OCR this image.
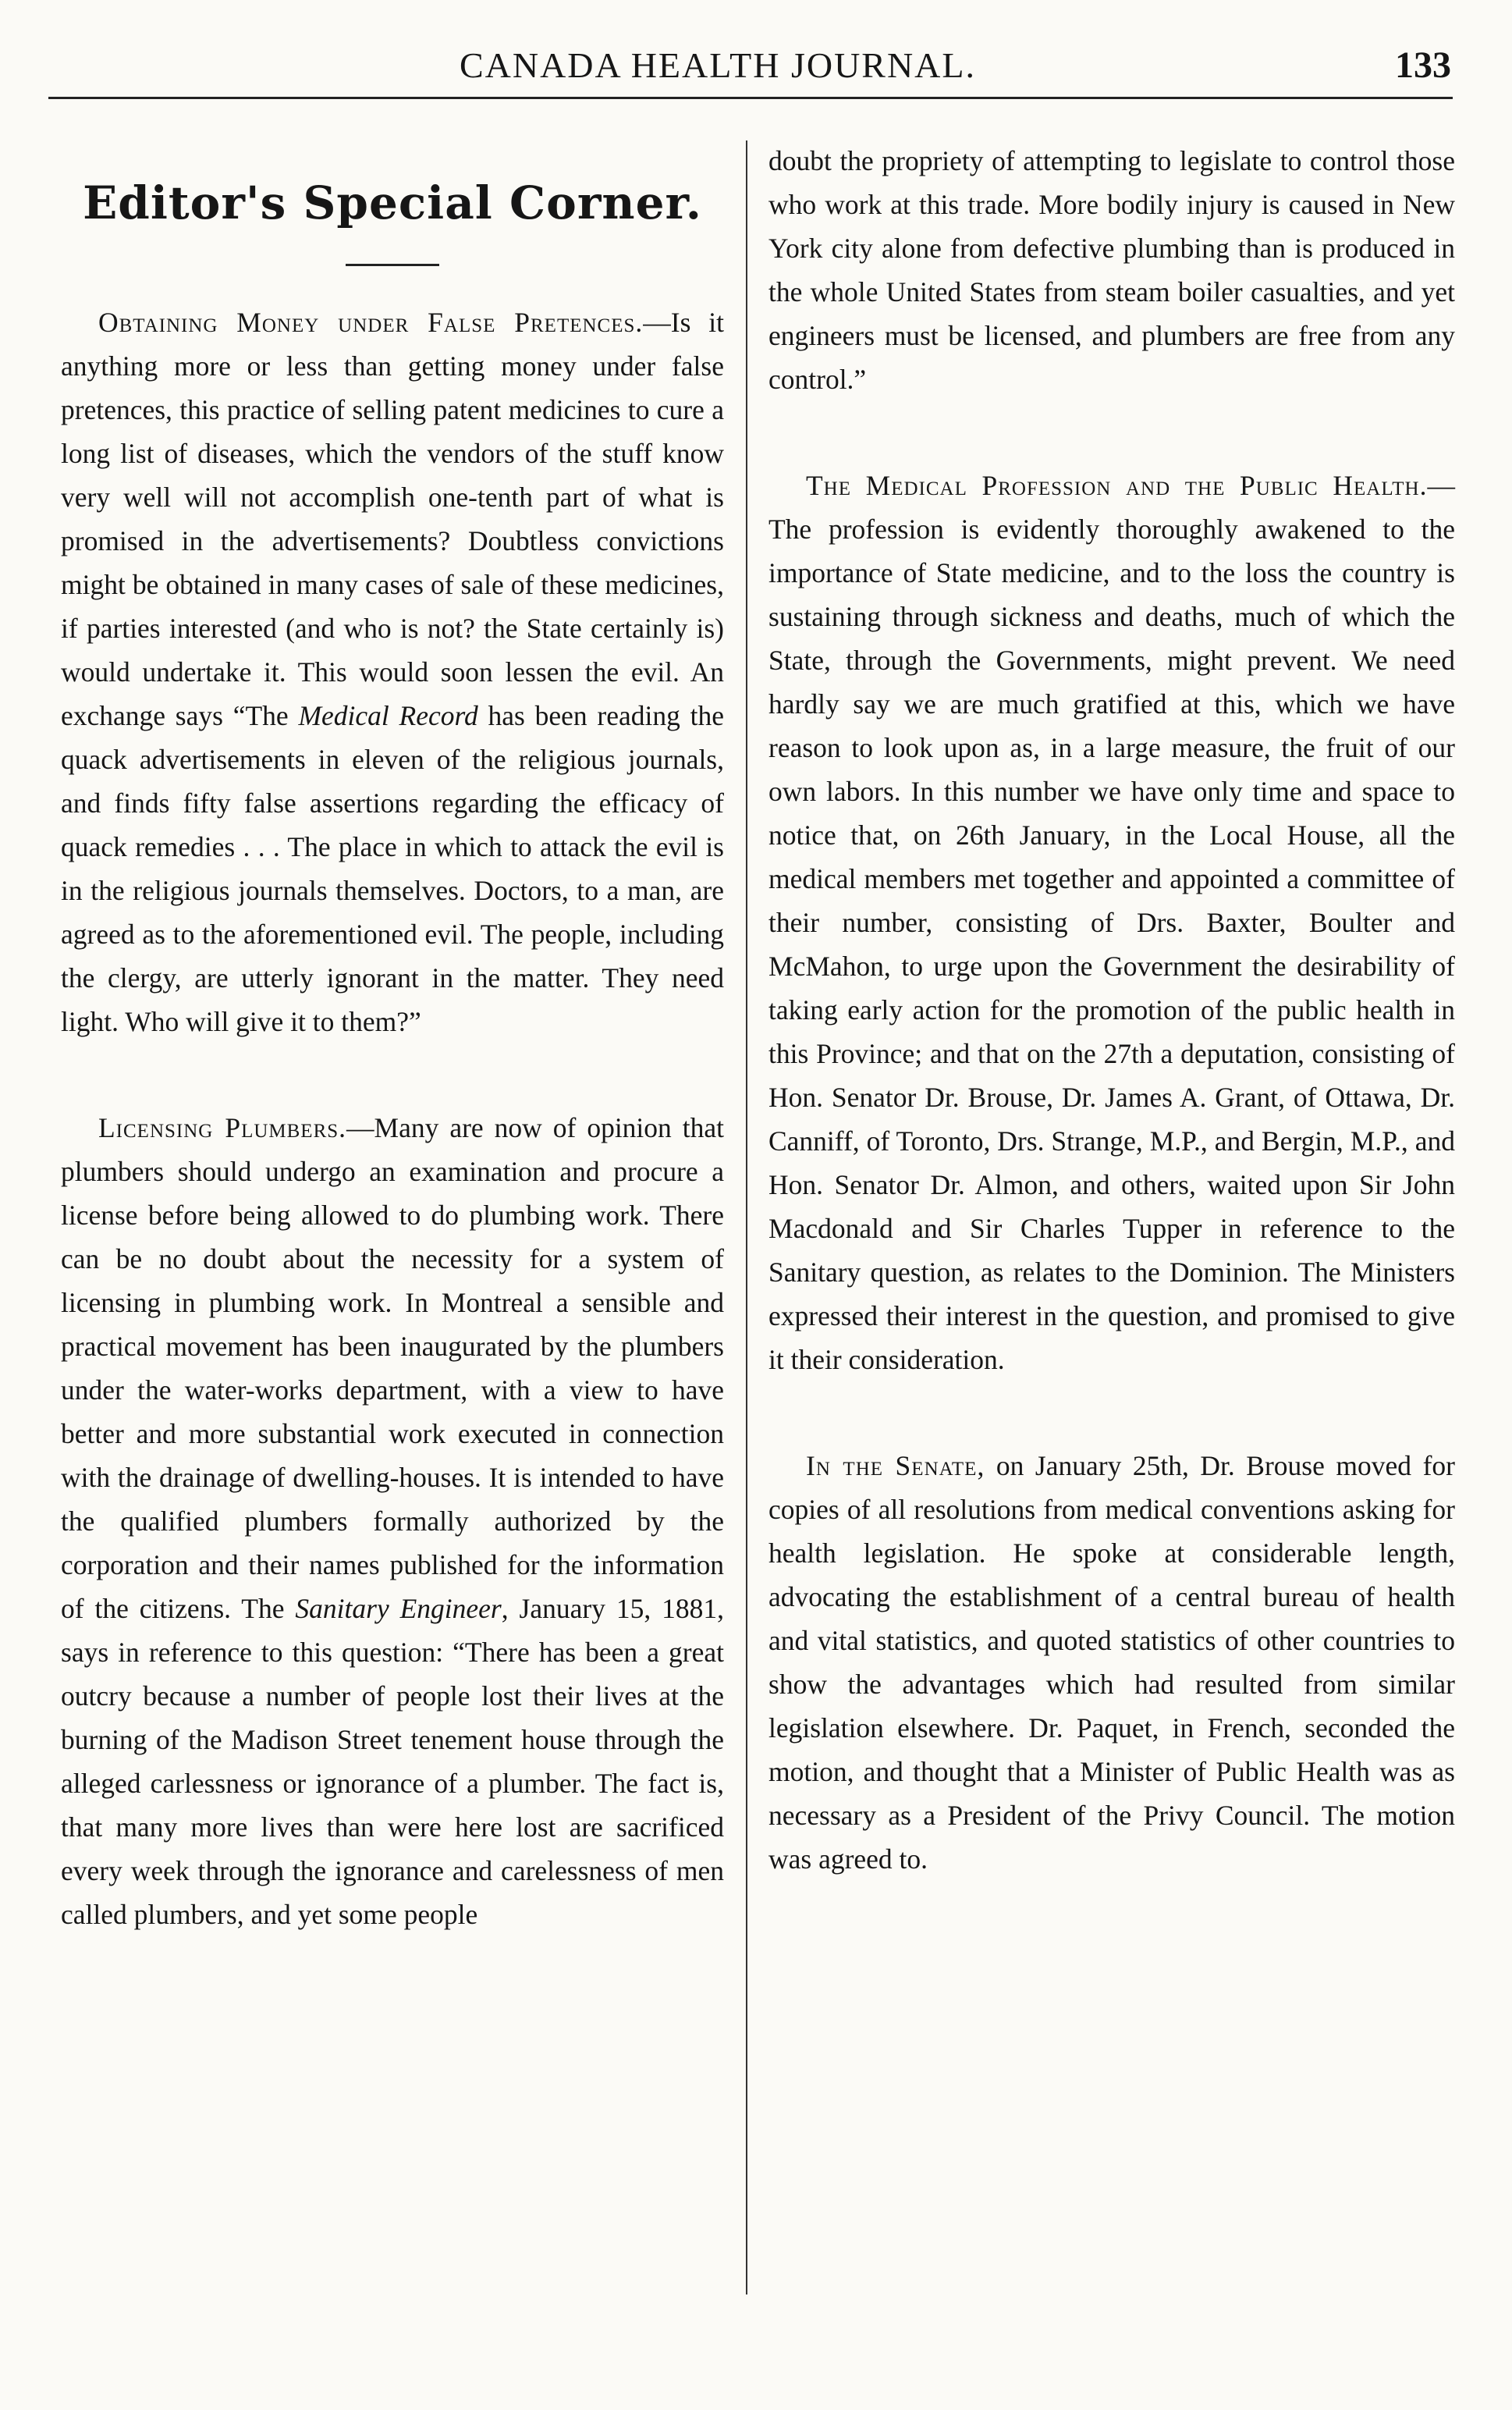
CANADA HEALTH JOURNAL.	133
Editor's Special Corner.

Obtaining Money under False Pretences.—Is it anything more or less than getting money under false pretences, this practice of selling patent medicines to cure a long list of diseases, which the vendors of the stuff know very well will not accomplish one-tenth part of what is promised in the advertisements? Doubtless convictions might be obtained in many cases of sale of these medicines, if parties interested (and who is not? the State certainly is) would undertake it. This would soon lessen the evil. An exchange says “The Medical Record has been reading the quack advertisements in eleven of the religious journals, and finds fifty false assertions regarding the efficacy of quack remedies . . . The place in which to attack the evil is in the religious journals themselves. Doctors, to a man, are agreed as to the aforementioned evil. The people, including the clergy, are utterly ignorant in the matter. They need light. Who will give it to them?”

Licensing Plumbers.—Many are now of opinion that plumbers should undergo an examination and procure a license before being allowed to do plumbing work. There can be no doubt about the necessity for a system of licensing in plumbing work. In Montreal a sensible and practical movement has been inaugurated by the plumbers under the water-works department, with a view to have better and more substantial work executed in connection with the drainage of dwelling-houses. It is intended to have the qualified plumbers formally authorized by the corporation and their names published for the information of the citizens. The Sanitary Engineer, January 15, 1881, says in reference to this question: “There has been a great outcry because a number of people lost their lives at the burning of the Madison Street tenement house through the alleged carlessness or ignorance of a plumber. The fact is, that many more lives than were here lost are sacrificed every week through the ignorance and carelessness of men called plumbers, and yet some people

doubt the propriety of attempting to legislate to control those who work at this trade. More bodily injury is caused in New York city alone from defective plumbing than is produced in the whole United States from steam boiler casualties, and yet engineers must be licensed, and plumbers are free from any control.”

The Medical Profession and the Public Health.—The profession is evidently thoroughly awakened to the importance of State medicine, and to the loss the country is sustaining through sickness and deaths, much of which the State, through the Governments, might prevent. We need hardly say we are much gratified at this, which we have reason to look upon as, in a large measure, the fruit of our own labors. In this number we have only time and space to notice that, on 26th January, in the Local House, all the medical members met together and appointed a committee of their number, consisting of Drs. Baxter, Boulter and McMahon, to urge upon the Government the desirability of taking early action for the promotion of the public health in this Province; and that on the 27th a deputation, consisting of Hon. Senator Dr. Brouse, Dr. James A. Grant, of Ottawa, Dr. Canniff, of Toronto, Drs. Strange, M.P., and Bergin, M.P., and Hon. Senator Dr. Almon, and others, waited upon Sir John Macdonald and Sir Charles Tupper in reference to the Sanitary question, as relates to the Dominion. The Ministers expressed their interest in the question, and promised to give it their consideration.

In the Senate, on January 25th, Dr. Brouse moved for copies of all resolutions from medical conventions asking for health legislation. He spoke at considerable length, advocating the establishment of a central bureau of health and vital statistics, and quoted statistics of other countries to show the advantages which had resulted from similar legislation elsewhere. Dr. Paquet, in French, seconded the motion, and thought that a Minister of Public Health was as necessary as a President of the Privy Council. The motion was agreed to.
